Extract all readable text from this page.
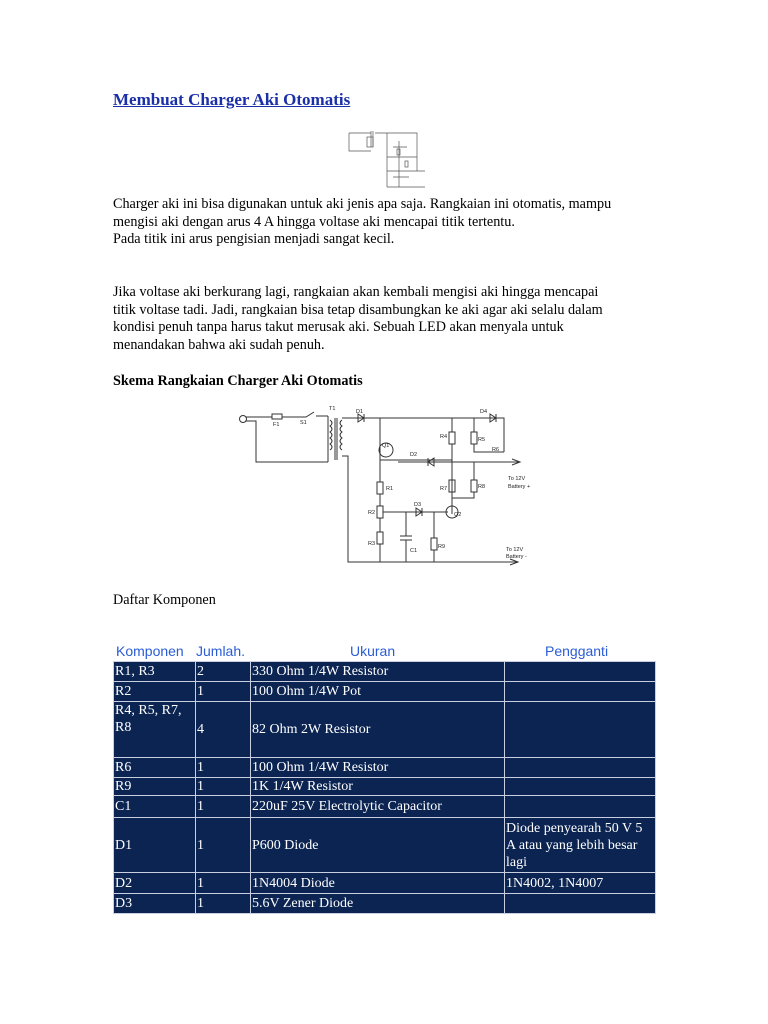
Membuat Charger Aki Otomatis
Charger aki ini bisa digunakan untuk aki jenis apa saja. Rangkaian ini otomatis, mampu
mengisi aki dengan arus 4 A hingga voltase aki mencapai titik tertentu.
Pada titik ini arus pengisian menjadi sangat kecil.
Jika voltase aki berkurang lagi, rangkaian akan kembali mengisi aki hingga mencapai
titik voltase tadi. Jadi, rangkaian bisa tetap disambungkan ke aki agar aki selalu dalam
kondisi penuh tanpa harus takut merusak aki. Sebuah LED akan menyala untuk
menandakan bahwa aki sudah penuh.
Skema Rangkaian Charger Aki Otomatis
T1
F1	S1
D1	D4
Q1
D2
R4	R5
R6
R7	R8
R1
R2
R3
D3
Q2
C1
R9
To 12V
Battery +
To 12V
Battery -
Daftar Komponen
Komponen Jumlah.	Ukuran	Pengganti
R1, R3	2	330 Ohm 1/4W Resistor	
R2	1	100 Ohm 1/4W Pot	
R4, R5, R7, R8	4	82 Ohm 2W Resistor	
R6	1	100 Ohm 1/4W Resistor	
R9	1	1K 1/4W Resistor	
C1	1	220uF 25V Electrolytic Capacitor	
D1	1	P600 Diode	Diode penyearah 50 V 5 A atau yang lebih besar lagi
D2	1	1N4004 Diode	1N4002, 1N4007
D3	1	5.6V Zener Diode	
